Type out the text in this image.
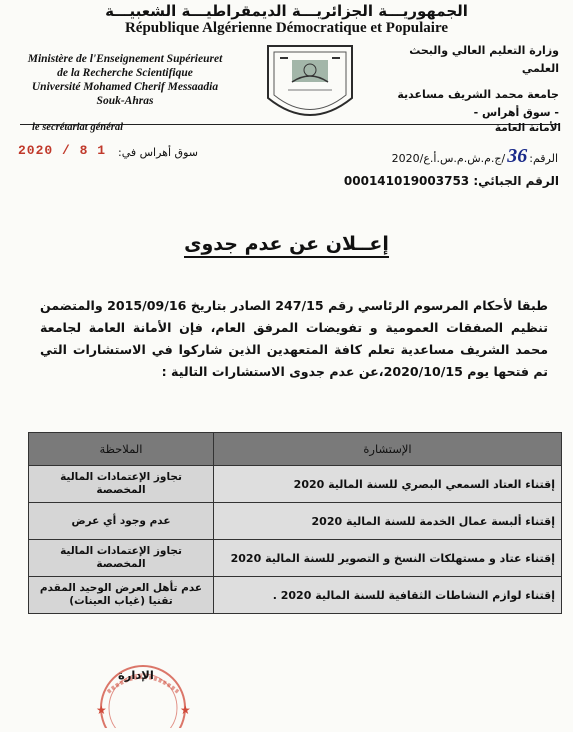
الجمهوريـــة الجزائريـــة الديمقراطيـــة الشعبيـــة
République Algérienne Démocratique et Populaire
Ministère de l'Enseignement Supérieuret
de la Recherche Scientifique
Université Mohamed Cherif Messaadia
Souk-Ahras
وزارة التعليم العالي والبحث العلمي
جامعة محمد الشريف مساعدية
- سوق أهراس -
le secrétariat général	الأمانة العامة
2020 / 8 1 سوق أهراس في:	الرقم:36/ج.م.ش.م.س.أ.ع/2020
الرقم الجبائي: 000141019003753
إعــلان عن عدم جدوى
طبقا لأحكام المرسوم الرئاسي رقم 247/15 الصادر بتاريخ 2015/09/16 والمتضمن تنظيم الصفقات العمومية و تفويضات المرفق العام، فإن الأمانة العامة لجامعة محمد الشريف مساعدية تعلم كافة المتعهدين الذين شاركوا في الاستشارات التي تم فتحها يوم 2020/10/15،عن عدم جدوى الاستشارات التالية :
الإستشارة	الملاحظة
إقتناء العتاد السمعي البصري للسنة المالية 2020	تجاوز الإعتمادات المالية المخصصة
إقتناء ألبسة عمال الخدمة للسنة المالية 2020	عدم وجود أي عرض
إقتناء عتاد و مستهلكات النسخ و التصوير للسنة المالية 2020	تجاوز الإعتمادات المالية المخصصة
إقتناء لوازم النشاطات الثقافية للسنة المالية 2020 .	عدم تأهل العرض الوحيد المقدم تقنيا (غياب العينات)
★	★
الإدارة
